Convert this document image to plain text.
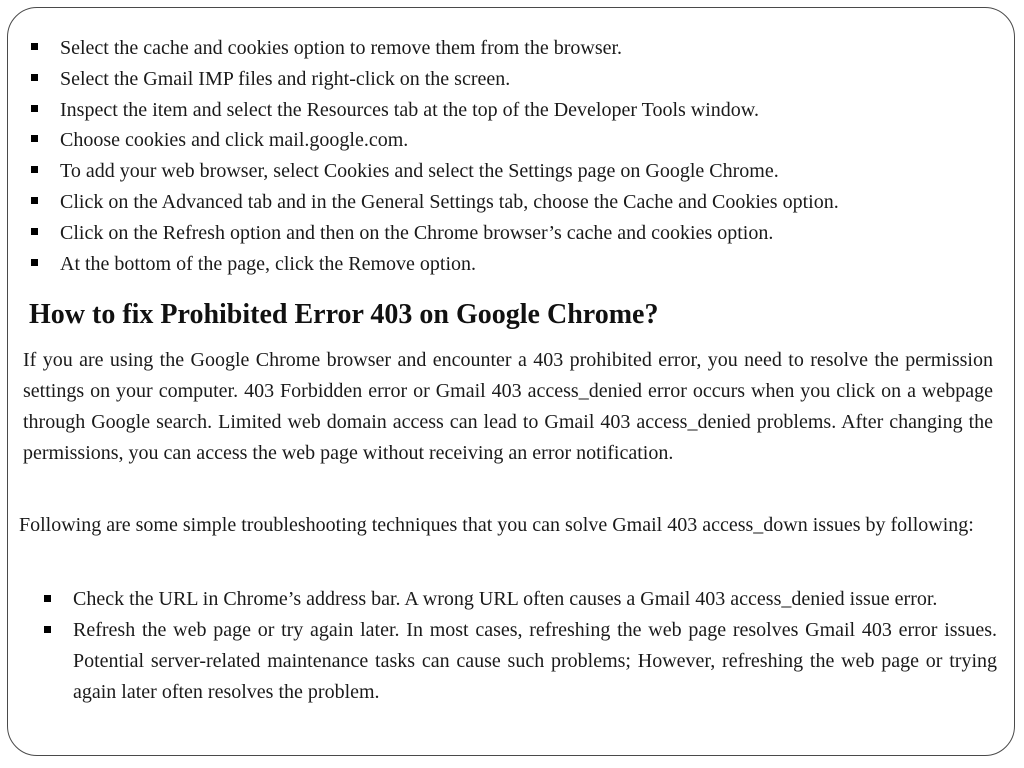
Select the cache and cookies option to remove them from the browser.
Select the Gmail IMP files and right-click on the screen.
Inspect the item and select the Resources tab at the top of the Developer Tools window.
Choose cookies and click mail.google.com.
To add your web browser, select Cookies and select the Settings page on Google Chrome.
Click on the Advanced tab and in the General Settings tab, choose the Cache and Cookies option.
Click on the Refresh option and then on the Chrome browser’s cache and cookies option.
At the bottom of the page, click the Remove option.
How to fix Prohibited Error 403 on Google Chrome?

If you are using the Google Chrome browser and encounter a 403 prohibited error, you need to resolve the permission settings on your computer. 403 Forbidden error or Gmail 403 access_denied error occurs when you click on a webpage through Google search. Limited web domain access can lead to Gmail 403 access_denied problems. After changing the permissions, you can access the web page without receiving an error notification.

Following are some simple troubleshooting techniques that you can solve Gmail 403 access_down issues by following:

Check the URL in Chrome’s address bar. A wrong URL often causes a Gmail 403 access_denied issue error.
Refresh the web page or try again later. In most cases, refreshing the web page resolves Gmail 403 error issues. Potential server-related maintenance tasks can cause such problems; However, refreshing the web page or trying again later often resolves the problem.
